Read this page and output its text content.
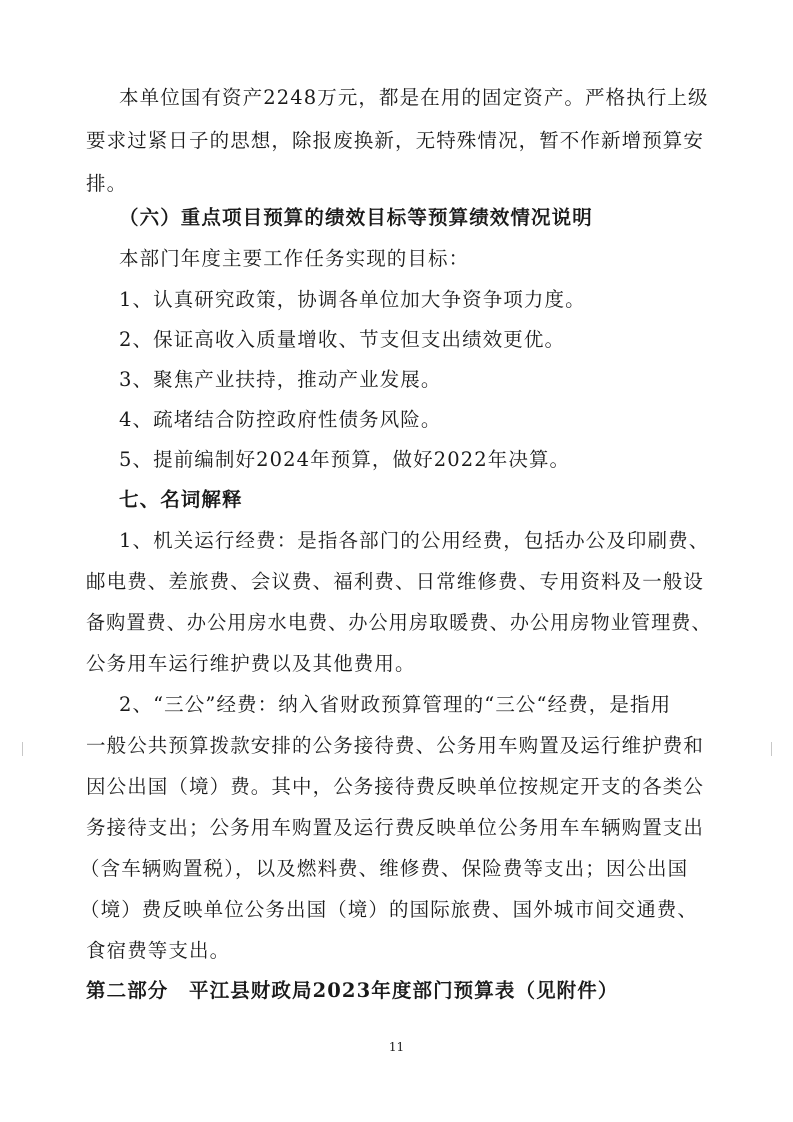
本单位国有资产2248万元，都是在用的固定资产。严格执行上级
要求过紧日子的思想，除报废换新，无特殊情况，暂不作新增预算安
排。
（六）重点项目预算的绩效目标等预算绩效情况说明
本部门年度主要工作任务实现的目标：
1、认真研究政策，协调各单位加大争资争项力度。
2、保证高收入质量增收、节支但支出绩效更优。
3、聚焦产业扶持，推动产业发展。
4、疏堵结合防控政府性债务风险。
5、提前编制好2024年预算，做好2022年决算。
七、名词解释
1、机关运行经费：是指各部门的公用经费，包括办公及印刷费、
邮电费、差旅费、会议费、福利费、日常维修费、专用资料及一般设
备购置费、办公用房水电费、办公用房取暖费、办公用房物业管理费、
公务用车运行维护费以及其他费用。
2、“三公”经费：纳入省财政预算管理的“三公“经费，是指用
一般公共预算拨款安排的公务接待费、公务用车购置及运行维护费和
因公出国（境）费。其中，公务接待费反映单位按规定开支的各类公
务接待支出；公务用车购置及运行费反映单位公务用车车辆购置支出
（含车辆购置税），以及燃料费、维修费、保险费等支出；因公出国
（境）费反映单位公务出国（境）的国际旅费、国外城市间交通费、
食宿费等支出。
第二部分　平江县财政局2023年度部门预算表（见附件）
11
